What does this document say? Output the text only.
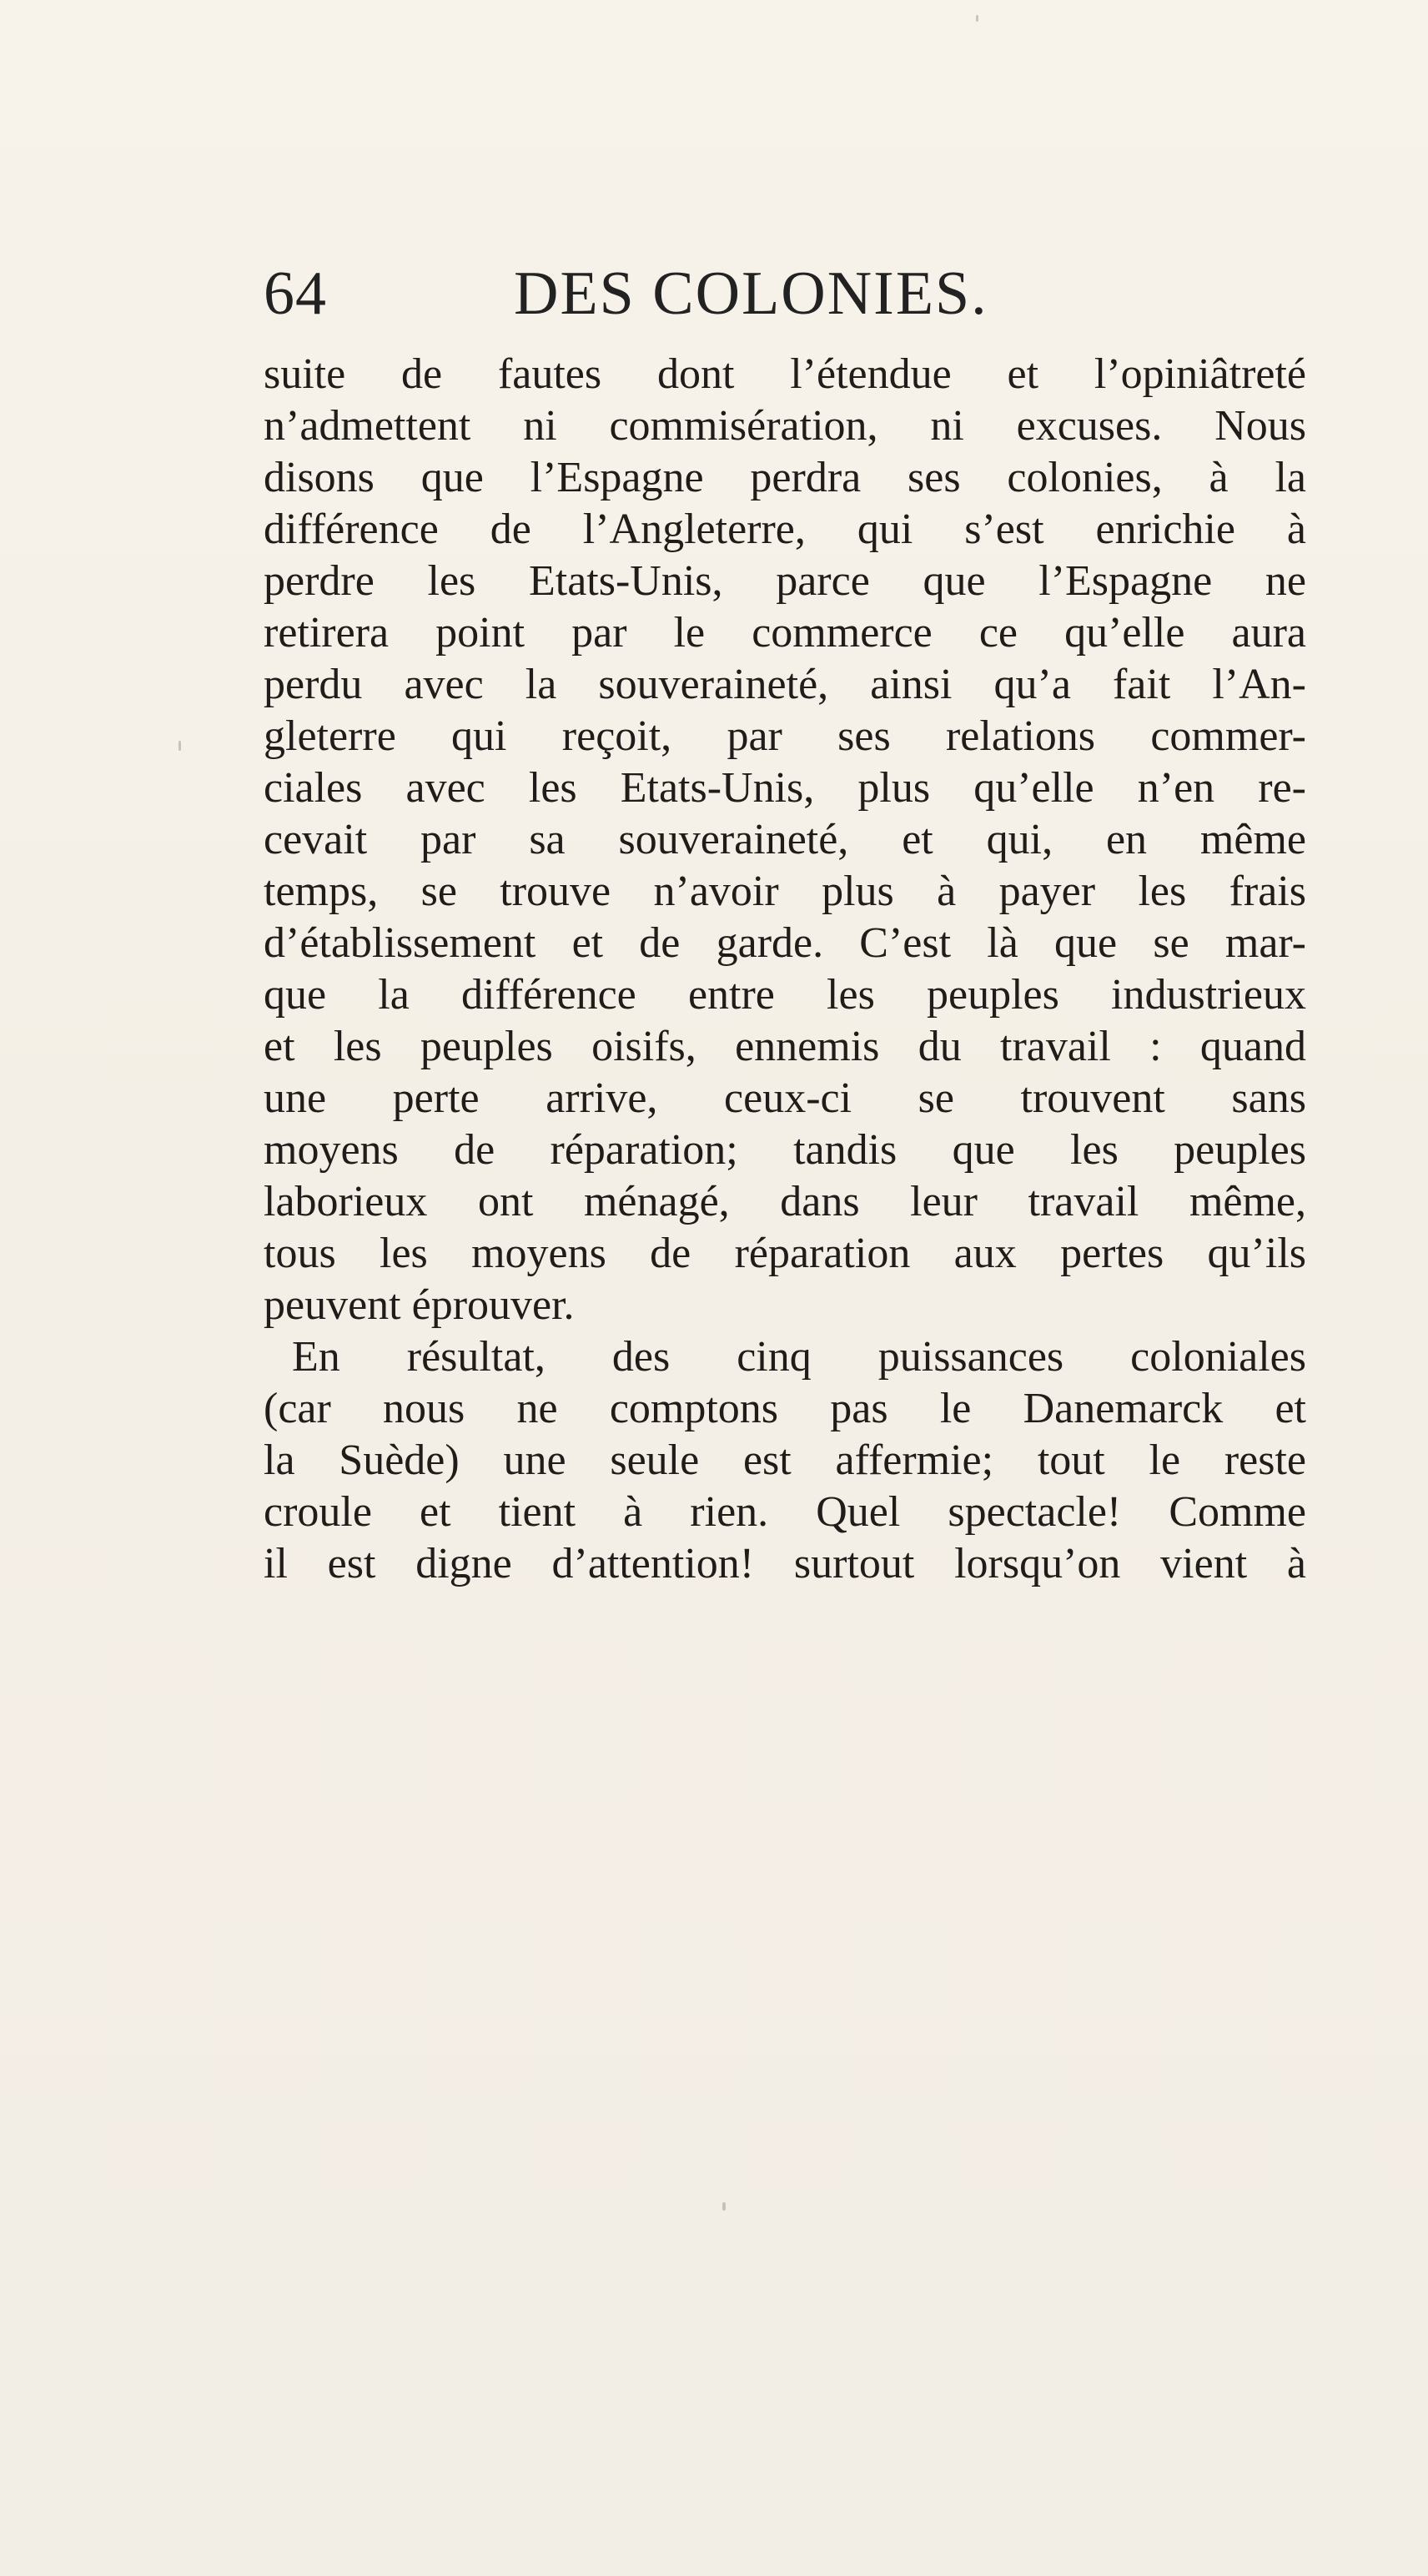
64	DES COLONIES.
suite de fautes dont l’étendue et l’opiniâtreté
n’admettent ni commisération, ni excuses. Nous
disons que l’Espagne perdra ses colonies, à la
différence de l’Angleterre, qui s’est enrichie à
perdre les Etats-Unis, parce que l’Espagne ne
retirera point par le commerce ce qu’elle aura
perdu avec la souveraineté, ainsi qu’a fait l’An-
gleterre qui reçoit, par ses relations commer-
ciales avec les Etats-Unis, plus qu’elle n’en re-
cevait par sa souveraineté, et qui, en même
temps, se trouve n’avoir plus à payer les frais
d’établissement et de garde. C’est là que se mar-
que la différence entre les peuples industrieux
et les peuples oisifs, ennemis du travail : quand
une perte arrive, ceux-ci se trouvent sans
moyens de réparation; tandis que les peuples
laborieux ont ménagé, dans leur travail même,
tous les moyens de réparation aux pertes qu’ils
peuvent éprouver.
En résultat, des cinq puissances coloniales
(car nous ne comptons pas le Danemarck et
la Suède) une seule est affermie; tout le reste
croule et tient à rien. Quel spectacle! Comme
il est digne d’attention! surtout lorsqu’on vient à
